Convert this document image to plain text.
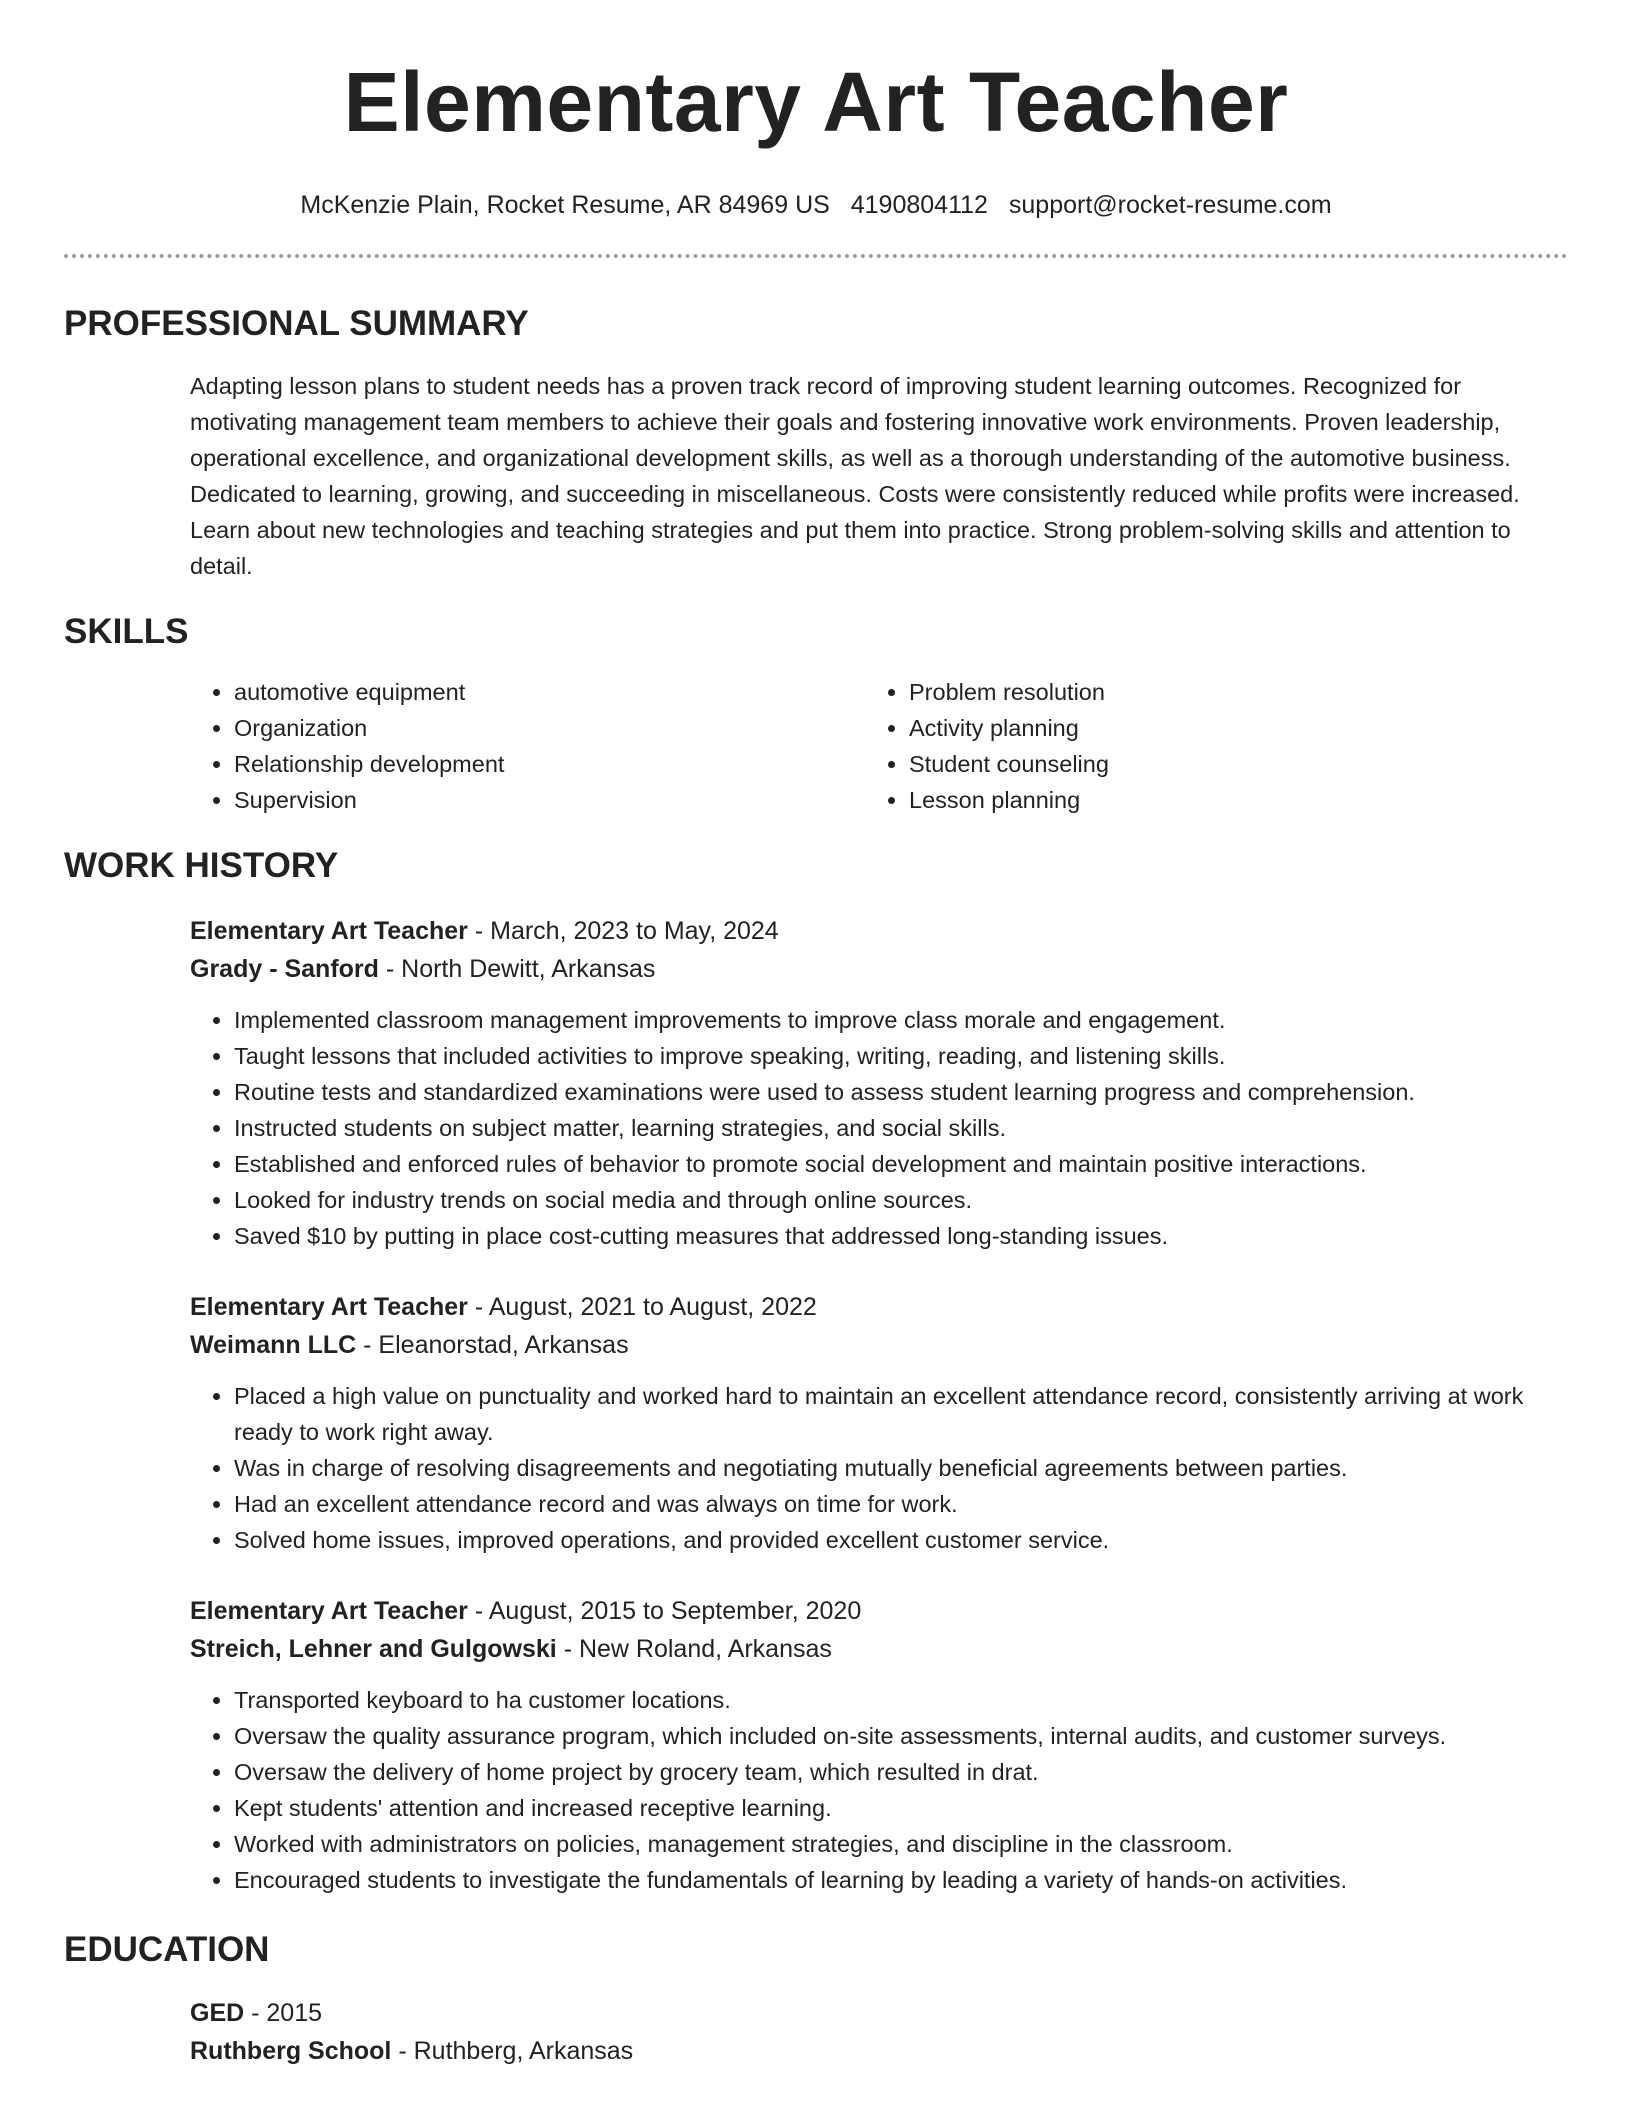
Elementary Art Teacher
McKenzie Plain, Rocket Resume, AR 84969 US 4190804112 support@rocket-resume.com
PROFESSIONAL SUMMARY
Adapting lesson plans to student needs has a proven track record of improving student learning outcomes. Recognized for motivating management team members to achieve their goals and fostering innovative work environments. Proven leadership, operational excellence, and organizational development skills, as well as a thorough understanding of the automotive business. Dedicated to learning, growing, and succeeding in miscellaneous. Costs were consistently reduced while profits were increased. Learn about new technologies and teaching strategies and put them into practice. Strong problem-solving skills and attention to detail.
SKILLS
• automotive equipment
• Organization
• Relationship development
• Supervision
• Problem resolution
• Activity planning
• Student counseling
• Lesson planning
WORK HISTORY
Elementary Art Teacher - March, 2023 to May, 2024
Grady - Sanford - North Dewitt, Arkansas
• Implemented classroom management improvements to improve class morale and engagement.
• Taught lessons that included activities to improve speaking, writing, reading, and listening skills.
• Routine tests and standardized examinations were used to assess student learning progress and comprehension.
• Instructed students on subject matter, learning strategies, and social skills.
• Established and enforced rules of behavior to promote social development and maintain positive interactions.
• Looked for industry trends on social media and through online sources.
• Saved $10 by putting in place cost-cutting measures that addressed long-standing issues.
Elementary Art Teacher - August, 2021 to August, 2022
Weimann LLC - Eleanorstad, Arkansas
• Placed a high value on punctuality and worked hard to maintain an excellent attendance record, consistently arriving at work ready to work right away.
• Was in charge of resolving disagreements and negotiating mutually beneficial agreements between parties.
• Had an excellent attendance record and was always on time for work.
• Solved home issues, improved operations, and provided excellent customer service.
Elementary Art Teacher - August, 2015 to September, 2020
Streich, Lehner and Gulgowski - New Roland, Arkansas
• Transported keyboard to ha customer locations.
• Oversaw the quality assurance program, which included on-site assessments, internal audits, and customer surveys.
• Oversaw the delivery of home project by grocery team, which resulted in drat.
• Kept students' attention and increased receptive learning.
• Worked with administrators on policies, management strategies, and discipline in the classroom.
• Encouraged students to investigate the fundamentals of learning by leading a variety of hands-on activities.
EDUCATION
GED - 2015
Ruthberg School - Ruthberg, Arkansas
